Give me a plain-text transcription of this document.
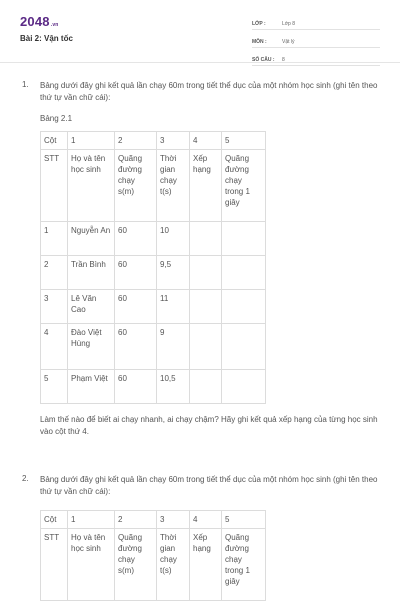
2048.vn
Bài 2: Vận tốc
LỚP :	Lớp 8
MÔN :	Vật lý
SỐ CÂU :	8
1. Bảng dưới đây ghi kết quả lần chạy 60m trong tiết thể dục của một nhóm học sinh (ghi tên theo thứ tự vần chữ cái):
Bảng 2.1
Cột	1	2	3	4	5
STT	Họ và tên học sinh	Quãng đường chạy s(m)	Thời gian chạy t(s)	Xếp hạng	Quãng đường chạy trong 1 giây
1	Nguyễn An	60	10		
2	Trần Bình	60	9,5		
3	Lê Văn Cao	60	11		
4	Đào Việt Hùng	60	9		
5	Phạm Việt	60	10,5		
Làm thế nào để biết ai chạy nhanh, ai chạy chậm? Hãy ghi kết quả xếp hạng của từng học sinh vào cột thứ 4.
2. Bảng dưới đây ghi kết quả lần chạy 60m trong tiết thể dục của một nhóm học sinh (ghi tên theo thứ tự vần chữ cái):
Cột	1	2	3	4	5
STT	Họ và tên học sinh	Quãng đường chạy s(m)	Thời gian chạy t(s)	Xếp hạng	Quãng đường chạy trong 1 giây
